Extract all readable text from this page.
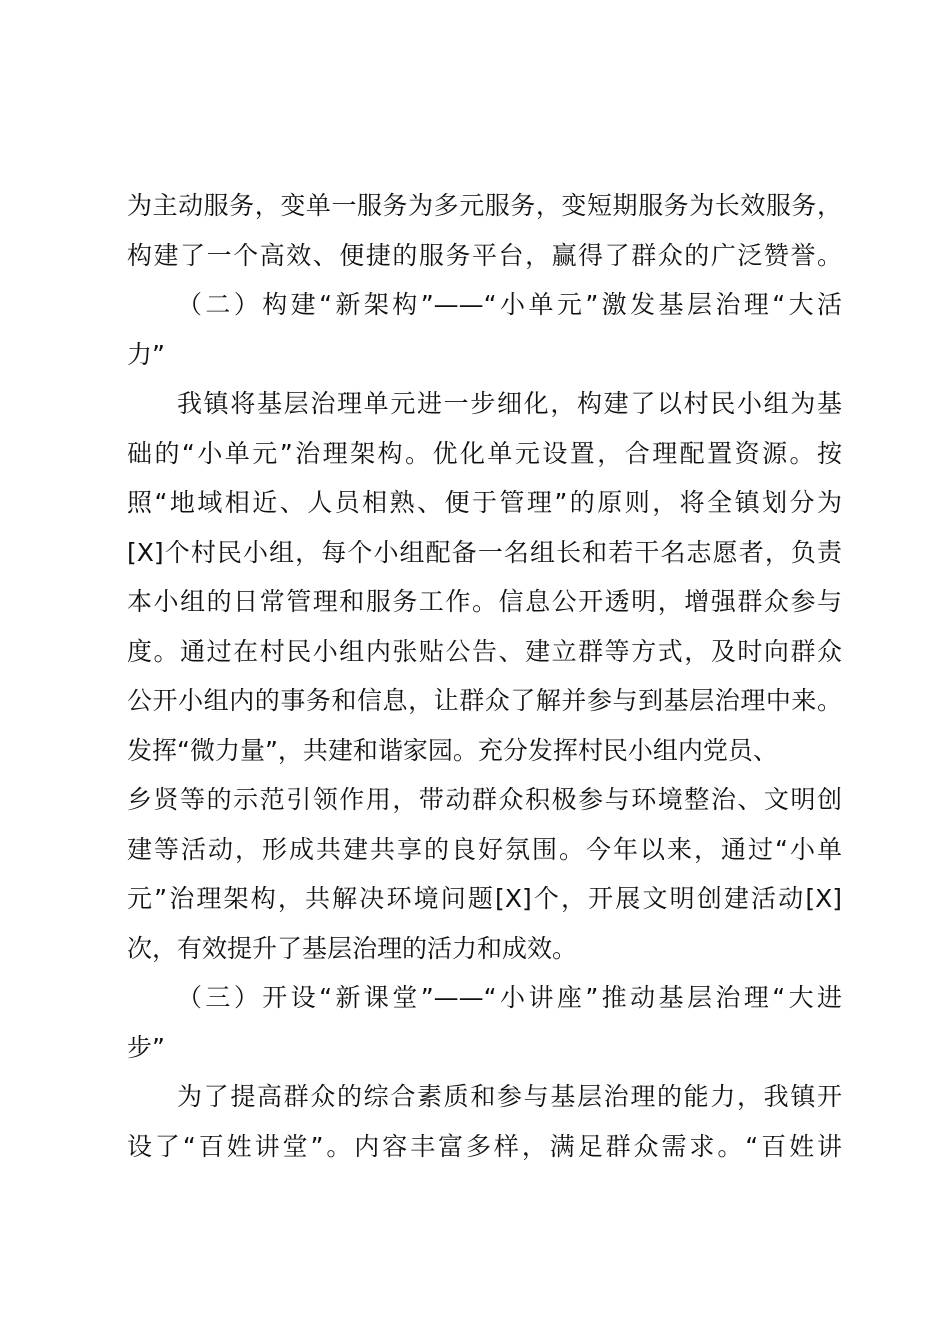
为主动服务，变单一服务为多元服务，变短期服务为长效服务，
构建了一个高效、便捷的服务平台，赢得了群众的广泛赞誉。
（二）构建“新架构”——“小单元”激发基层治理“大活
力”
我镇将基层治理单元进一步细化，构建了以村民小组为基
础的“小单元”治理架构。优化单元设置，合理配置资源。按
照“地域相近、人员相熟、便于管理”的原则，将全镇划分为
[X]个村民小组，每个小组配备一名组长和若干名志愿者，负责
本小组的日常管理和服务工作。信息公开透明，增强群众参与
度。通过在村民小组内张贴公告、建立群等方式，及时向群众
公开小组内的事务和信息，让群众了解并参与到基层治理中来。
发挥“微力量”，共建和谐家园。充分发挥村民小组内党员、
乡贤等的示范引领作用，带动群众积极参与环境整治、文明创
建等活动，形成共建共享的良好氛围。今年以来，通过“小单
元”治理架构，共解决环境问题[X]个，开展文明创建活动[X]
次，有效提升了基层治理的活力和成效。
（三）开设“新课堂”——“小讲座”推动基层治理“大进
步”
为了提高群众的综合素质和参与基层治理的能力，我镇开
设了“百姓讲堂”。内容丰富多样，满足群众需求。“百姓讲
